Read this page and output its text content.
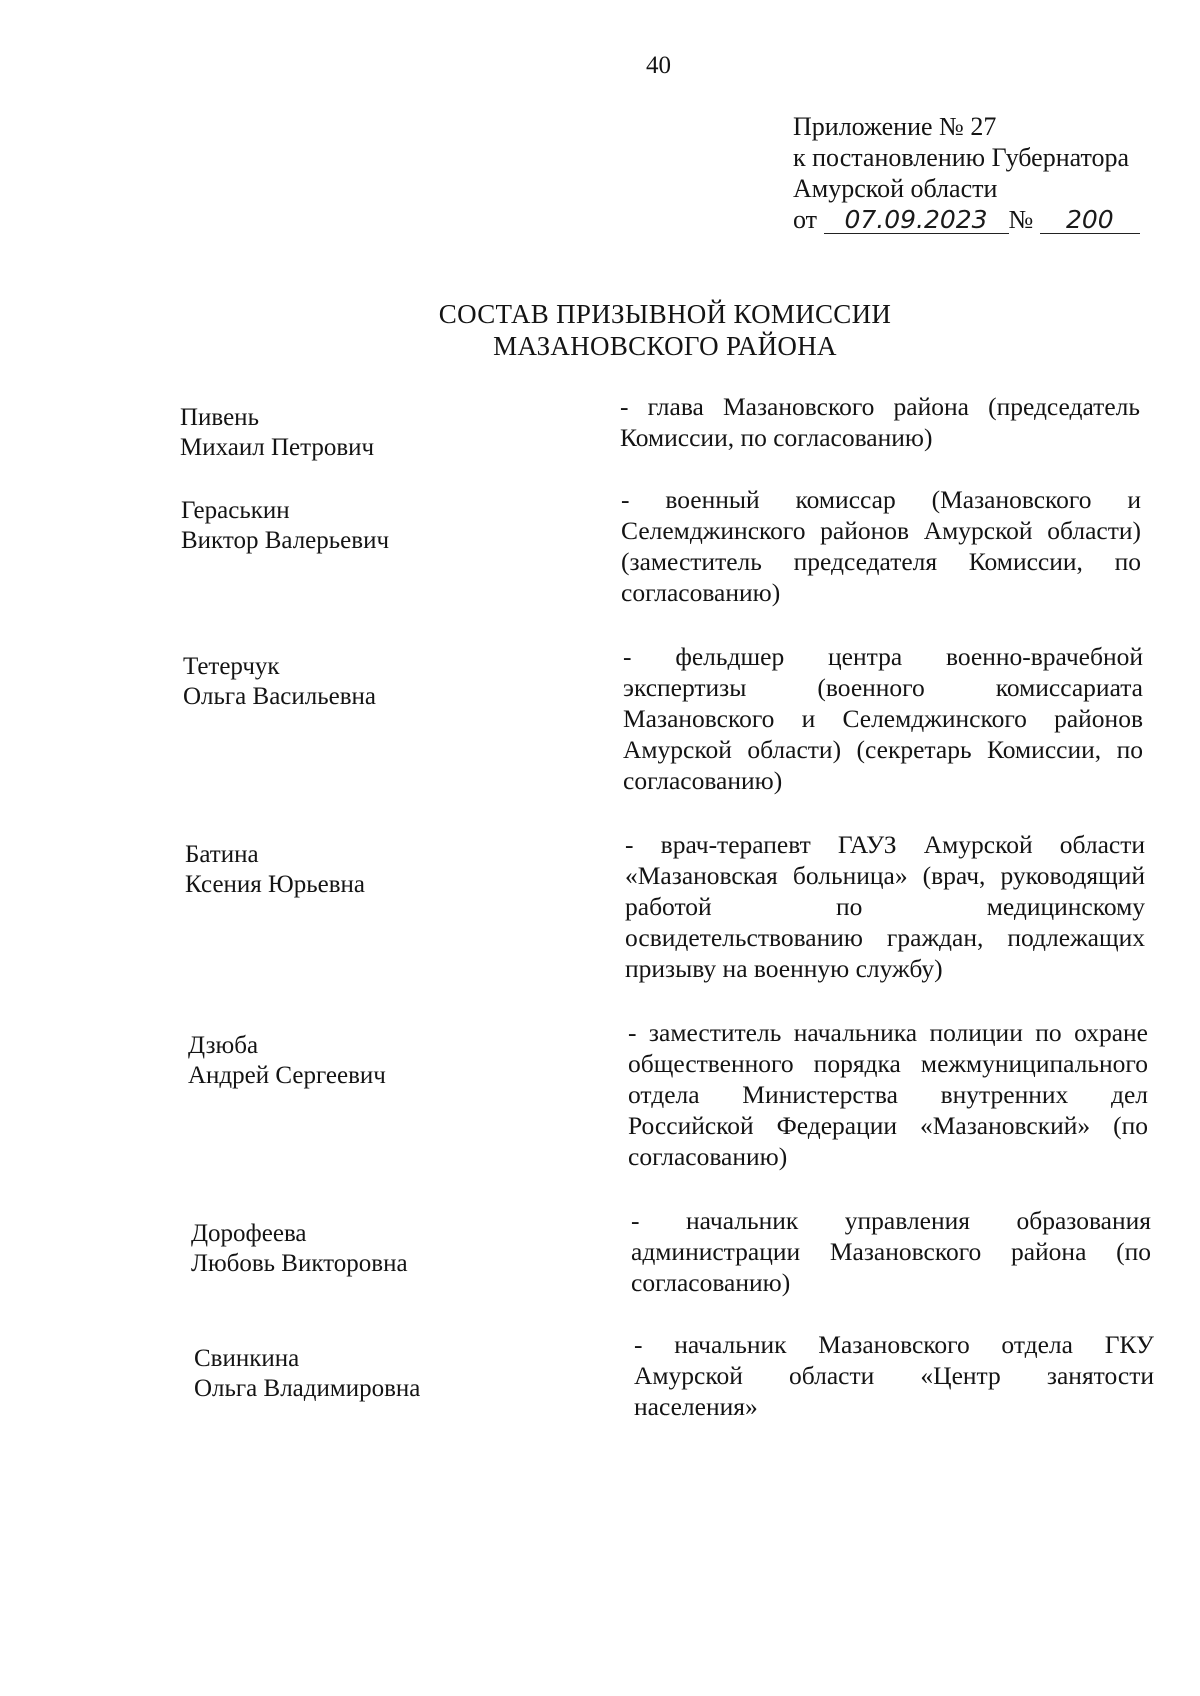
40
Приложение № 27
к постановлению Губернатора
Амурской области
от 07.09.2023 № 200
СОСТАВ ПРИЗЫВНОЙ КОМИССИИ
МАЗАНОВСКОГО РАЙОНА
Пивень
Михаил Петрович
- глава Мазановского района (председатель Комиссии, по согласованию)
Гераськин
Виктор Валерьевич
- военный комиссар (Мазановского и Селемджинского районов Амурской области) (заместитель председателя Комиссии, по согласованию)
Тетерчук
Ольга Васильевна
- фельдшер центра военно-врачебной экспертизы (военного комиссариата Мазановского и Селемджинского районов Амурской области) (секретарь Комиссии, по согласованию)
Батина
Ксения Юрьевна
- врач-терапевт ГАУЗ Амурской области «Мазановская больница» (врач, руководящий работой по медицинскому освидетельствованию граждан, подлежащих призыву на военную службу)
Дзюба
Андрей Сергеевич
- заместитель начальника полиции по охране общественного порядка межмуниципального отдела Министерства внутренних дел Российской Федерации «Мазановский» (по согласованию)
Дорофеева
Любовь Викторовна
- начальник управления образования администрации Мазановского района (по согласованию)
Свинкина
Ольга Владимировна
- начальник Мазановского отдела ГКУ Амурской области «Центр занятости населения»
